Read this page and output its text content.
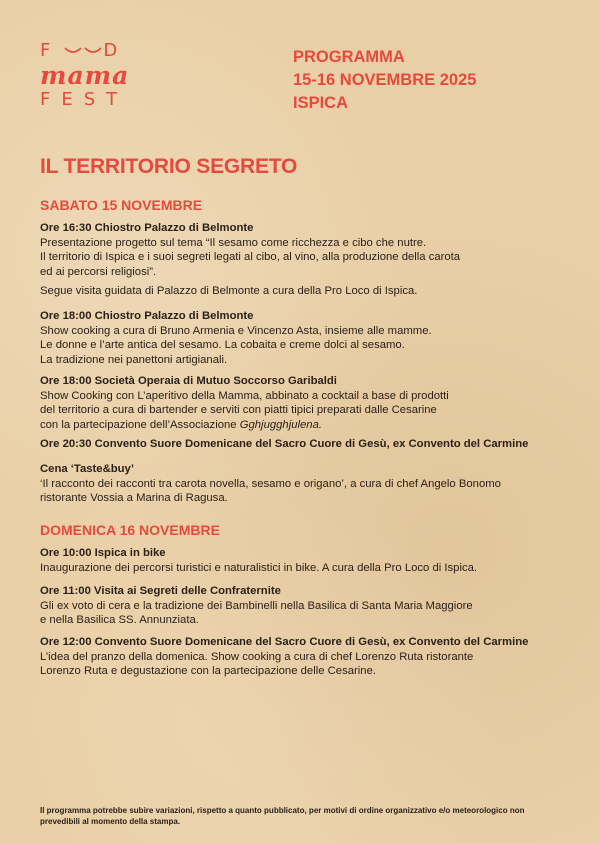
F D
mama
FEST
PROGRAMMA
15-16 NOVEMBRE 2025
ISPICA
IL TERRITORIO SEGRETO
SABATO 15 NOVEMBRE
Ore 16:30 Chiostro Palazzo di Belmonte
Presentazione progetto sul tema “Il sesamo come ricchezza e cibo che nutre.
Il territorio di Ispica e i suoi segreti legati al cibo, al vino, alla produzione della carota
ed ai percorsi religiosi”.
Segue visita guidata di Palazzo di Belmonte a cura della Pro Loco di Ispica.
Ore 18:00 Chiostro Palazzo di Belmonte
Show cooking a cura di Bruno Armenia e Vincenzo Asta, insieme alle mamme.
Le donne e l’arte antica del sesamo. La cobaita e creme dolci al sesamo.
La tradizione nei panettoni artigianali.
Ore 18:00 Società Operaia di Mutuo Soccorso Garibaldi
Show Cooking con L’aperitivo della Mamma, abbinato a cocktail a base di prodotti
del territorio a cura di bartender e serviti con piatti tipici preparati dalle Cesarine
con la partecipazione dell’Associazione Gghjugghjulena.
Ore 20:30 Convento Suore Domenicane del Sacro Cuore di Gesù, ex Convento del Carmine
Cena ‘Taste&buy’
‘Il racconto dei racconti tra carota novella, sesamo e origano’, a cura di chef Angelo Bonomo
ristorante Vossia a Marina di Ragusa.
DOMENICA 16 NOVEMBRE
Ore 10:00 Ispica in bike
Inaugurazione dei percorsi turistici e naturalistici in bike. A cura della Pro Loco di Ispica.
Ore 11:00 Visita ai Segreti delle Confraternite
Gli ex voto di cera e la tradizione dei Bambinelli nella Basilica di Santa Maria Maggiore
e nella Basilica SS. Annunziata.
Ore 12:00 Convento Suore Domenicane del Sacro Cuore di Gesù, ex Convento del Carmine
L’idea del pranzo della domenica. Show cooking a cura di chef Lorenzo Ruta ristorante
Lorenzo Ruta e degustazione con la partecipazione delle Cesarine.
Il programma potrebbe subire variazioni, rispetto a quanto pubblicato, per motivi di ordine organizzativo e/o meteorologico non prevedibili al momento della stampa.
